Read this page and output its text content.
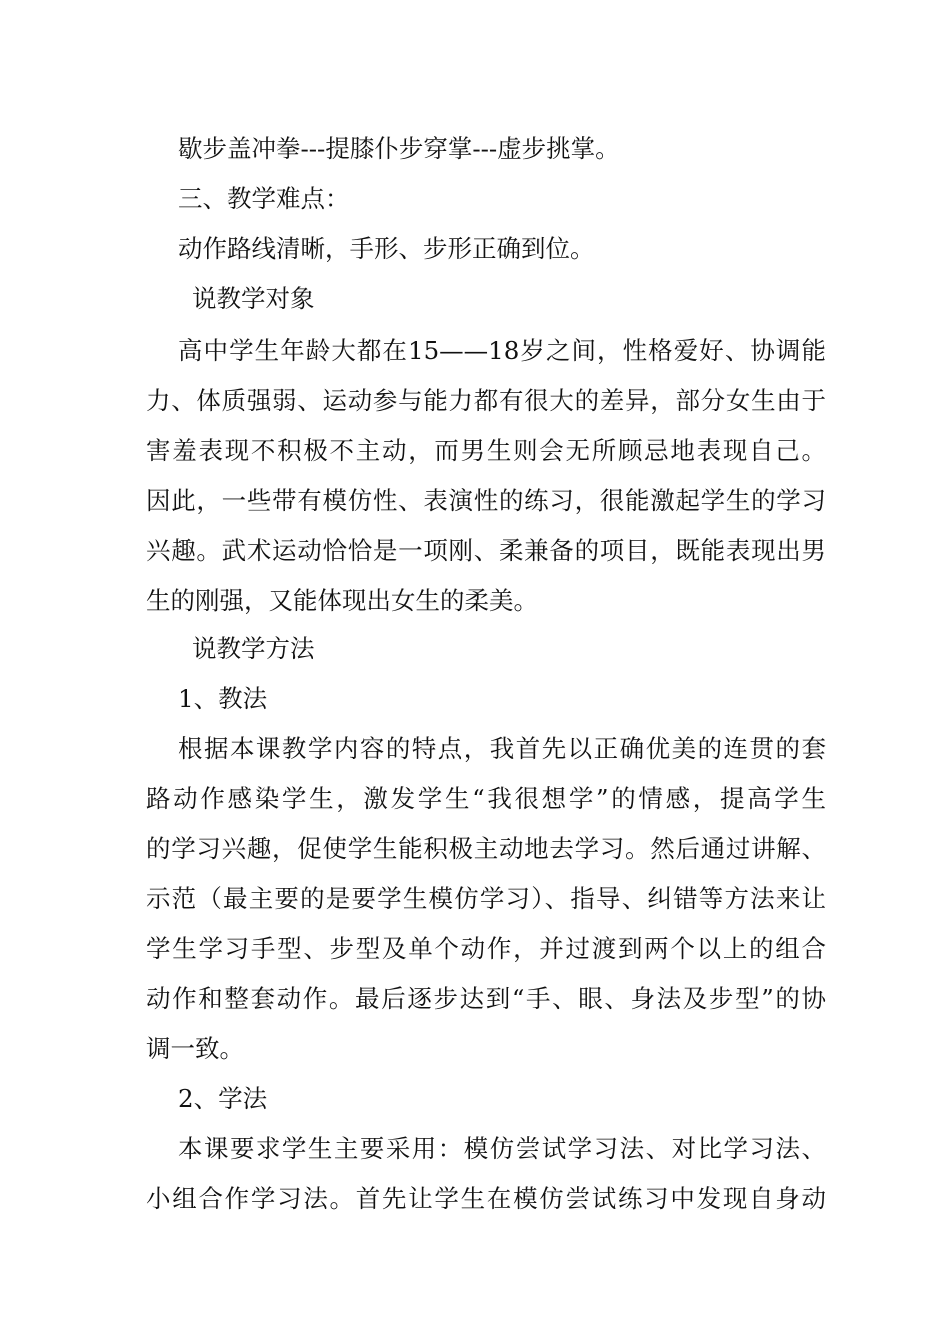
歇步盖冲拳---提膝仆步穿掌---虚步挑掌。
三、教学难点：
动作路线清晰，手形、步形正确到位。
说教学对象
高中学生年龄大都在15——18岁之间，性格爱好、协调能
力、体质强弱、运动参与能力都有很大的差异，部分女生由于
害羞表现不积极不主动，而男生则会无所顾忌地表现自己。
因此，一些带有模仿性、表演性的练习，很能激起学生的学习
兴趣。武术运动恰恰是一项刚、柔兼备的项目，既能表现出男
生的刚强，又能体现出女生的柔美。
说教学方法
1、教法
根据本课教学内容的特点，我首先以正确优美的连贯的套
路动作感染学生，激发学生“我很想学”的情感，提高学生
的学习兴趣，促使学生能积极主动地去学习。然后通过讲解、
示范（最主要的是要学生模仿学习）、指导、纠错等方法来让
学生学习手型、步型及单个动作，并过渡到两个以上的组合
动作和整套动作。最后逐步达到“手、眼、身法及步型”的协
调一致。
2、学法
本课要求学生主要采用：模仿尝试学习法、对比学习法、
小组合作学习法。首先让学生在模仿尝试练习中发现自身动
